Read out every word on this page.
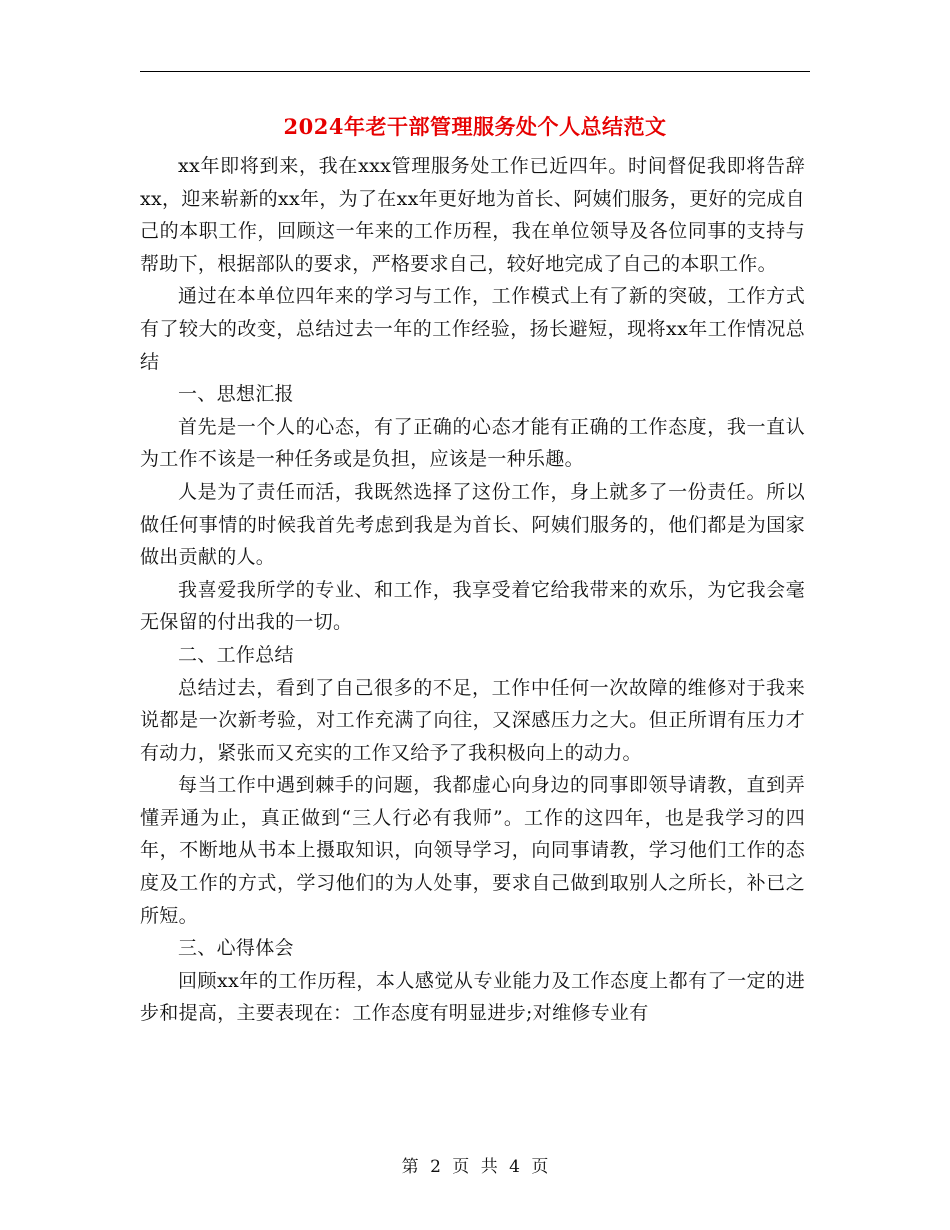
2024年老干部管理服务处个人总结范文

xx年即将到来，我在xxx管理服务处工作已近四年。时间督促我即将告辞xx，迎来崭新的xx年，为了在xx年更好地为首长、阿姨们服务，更好的完成自己的本职工作，回顾这一年来的工作历程，我在单位领导及各位同事的支持与帮助下，根据部队的要求，严格要求自己，较好地完成了自己的本职工作。

通过在本单位四年来的学习与工作，工作模式上有了新的突破，工作方式有了较大的改变，总结过去一年的工作经验，扬长避短，现将xx年工作情况总结

一、思想汇报

首先是一个人的心态，有了正确的心态才能有正确的工作态度，我一直认为工作不该是一种任务或是负担，应该是一种乐趣。

人是为了责任而活，我既然选择了这份工作，身上就多了一份责任。所以做任何事情的时候我首先考虑到我是为首长、阿姨们服务的，他们都是为国家做出贡献的人。

我喜爱我所学的专业、和工作，我享受着它给我带来的欢乐，为它我会毫无保留的付出我的一切。

二、工作总结

总结过去，看到了自己很多的不足，工作中任何一次故障的维修对于我来说都是一次新考验，对工作充满了向往，又深感压力之大。但正所谓有压力才有动力，紧张而又充实的工作又给予了我积极向上的动力。

每当工作中遇到棘手的问题，我都虚心向身边的同事即领导请教，直到弄懂弄通为止，真正做到“三人行必有我师”。工作的这四年，也是我学习的四年，不断地从书本上摄取知识，向领导学习，向同事请教，学习他们工作的态度及工作的方式，学习他们的为人处事，要求自己做到取别人之所长，补已之所短。

三、心得体会

回顾xx年的工作历程，本人感觉从专业能力及工作态度上都有了一定的进步和提高，主要表现在：工作态度有明显进步;对维修专业有

第 2 页 共 4 页
